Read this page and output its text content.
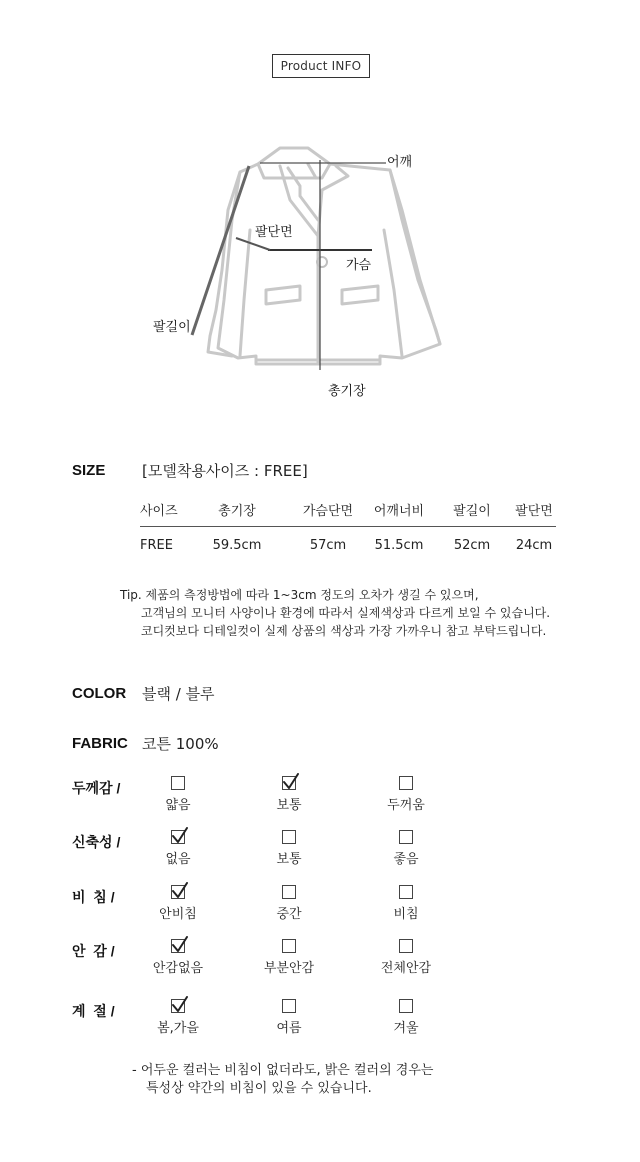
Product INFO
어깨
팔단면
가슴
팔길이
총기장
SIZE [모델착용사이즈 : FREE]
사이즈	총기장	가슴단면	어깨너비	팔길이	팔단면
FREE	59.5cm	57cm	51.5cm	52cm	24cm
Tip. 제품의 측정방법에 따라 1~3cm 정도의 오차가 생길 수 있으며,
고객님의 모니터 사양이나 환경에 따라서 실제색상과 다르게 보일 수 있습니다.
코디컷보다 디테일컷이 실제 상품의 색상과 가장 가까우니 참고 부탁드립니다.
COLOR 블랙 / 블루
FABRIC 코튼 100%
두께감 /
얇음	보통	두꺼움
신축성 /
없음	보통	좋음
비  침 /
안비침	중간	비침
안  감 /
안감없음	부분안감	전체안감
계  절 /
봄,가을	여름	겨울
- 어두운 컬러는 비침이 없더라도, 밝은 컬러의 경우는
특성상 약간의 비침이 있을 수 있습니다.
